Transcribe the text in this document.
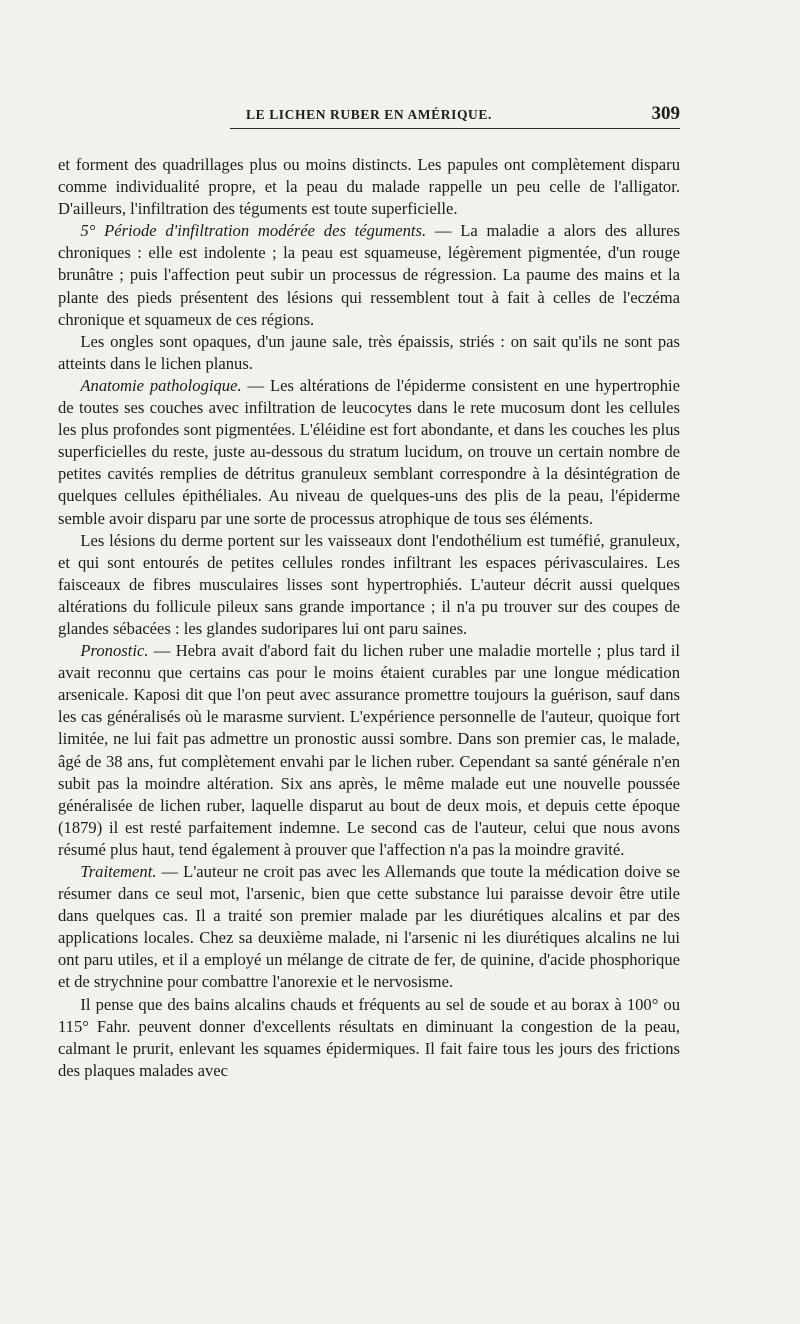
LE LICHEN RUBER EN AMÉRIQUE.	309

et forment des quadrillages plus ou moins distincts. Les papules ont complètement disparu comme individualité propre, et la peau du malade rappelle un peu celle de l'alligator. D'ailleurs, l'infiltration des téguments est toute superficielle.

5° Période d'infiltration modérée des téguments. — La maladie a alors des allures chroniques : elle est indolente ; la peau est squameuse, légèrement pigmentée, d'un rouge brunâtre ; puis l'affection peut subir un processus de régression. La paume des mains et la plante des pieds présentent des lésions qui ressemblent tout à fait à celles de l'eczéma chronique et squameux de ces régions.

Les ongles sont opaques, d'un jaune sale, très épaissis, striés : on sait qu'ils ne sont pas atteints dans le lichen planus.

Anatomie pathologique. — Les altérations de l'épiderme consistent en une hypertrophie de toutes ses couches avec infiltration de leucocytes dans le rete mucosum dont les cellules les plus profondes sont pigmentées. L'éléidine est fort abondante, et dans les couches les plus superficielles du reste, juste au-dessous du stratum lucidum, on trouve un certain nombre de petites cavités remplies de détritus granuleux semblant correspondre à la désintégration de quelques cellules épithéliales. Au niveau de quelques-uns des plis de la peau, l'épiderme semble avoir disparu par une sorte de processus atrophique de tous ses éléments.

Les lésions du derme portent sur les vaisseaux dont l'endothélium est tuméfié, granuleux, et qui sont entourés de petites cellules rondes infiltrant les espaces périvasculaires. Les faisceaux de fibres musculaires lisses sont hypertrophiés. L'auteur décrit aussi quelques altérations du follicule pileux sans grande importance ; il n'a pu trouver sur des coupes de glandes sébacées : les glandes sudoripares lui ont paru saines.

Pronostic. — Hebra avait d'abord fait du lichen ruber une maladie mortelle ; plus tard il avait reconnu que certains cas pour le moins étaient curables par une longue médication arsenicale. Kaposi dit que l'on peut avec assurance promettre toujours la guérison, sauf dans les cas généralisés où le marasme survient. L'expérience personnelle de l'auteur, quoique fort limitée, ne lui fait pas admettre un pronostic aussi sombre. Dans son premier cas, le malade, âgé de 38 ans, fut complètement envahi par le lichen ruber. Cependant sa santé générale n'en subit pas la moindre altération. Six ans après, le même malade eut une nouvelle poussée généralisée de lichen ruber, laquelle disparut au bout de deux mois, et depuis cette époque (1879) il est resté parfaitement indemne. Le second cas de l'auteur, celui que nous avons résumé plus haut, tend également à prouver que l'affection n'a pas la moindre gravité.

Traitement. — L'auteur ne croit pas avec les Allemands que toute la médication doive se résumer dans ce seul mot, l'arsenic, bien que cette substance lui paraisse devoir être utile dans quelques cas. Il a traité son premier malade par les diurétiques alcalins et par des applications locales. Chez sa deuxième malade, ni l'arsenic ni les diurétiques alcalins ne lui ont paru utiles, et il a employé un mélange de citrate de fer, de quinine, d'acide phosphorique et de strychnine pour combattre l'anorexie et le nervosisme.

Il pense que des bains alcalins chauds et fréquents au sel de soude et au borax à 100° ou 115° Fahr. peuvent donner d'excellents résultats en diminuant la congestion de la peau, calmant le prurit, enlevant les squames épidermiques. Il fait faire tous les jours des frictions des plaques malades avec
